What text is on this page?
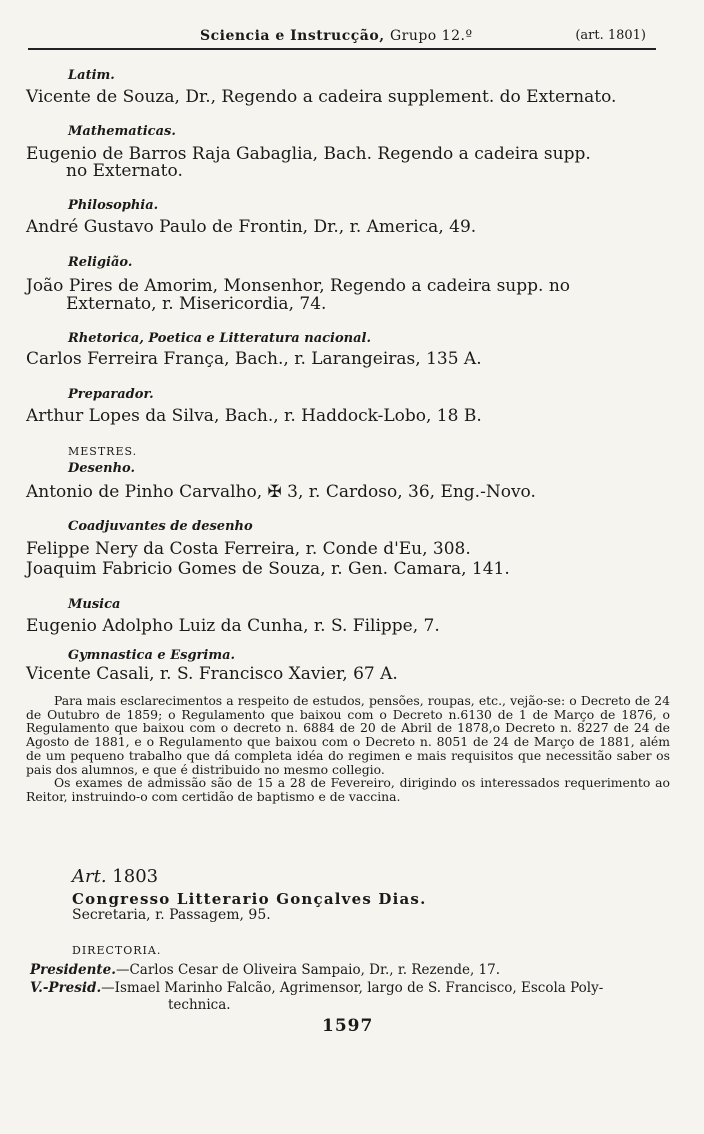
Sciencia e Instrucção, Grupo 12.º	(art. 1801)
Latim.
Vicente de Souza, Dr., Regendo a cadeira supplement. do Externato.
Mathematicas.
Eugenio de Barros Raja Gabaglia, Bach. Regendo a cadeira supp.
no Externato.
Philosophia.
André Gustavo Paulo de Frontin, Dr., r. America, 49.
Religião.
João Pires de Amorim, Monsenhor, Regendo a cadeira supp. no
Externato, r. Misericordia, 74.
Rhetorica, Poetica e Litteratura nacional.
Carlos Ferreira França, Bach., r. Larangeiras, 135 A.
Preparador.
Arthur Lopes da Silva, Bach., r. Haddock-Lobo, 18 B.
MESTRES.
Desenho.
Antonio de Pinho Carvalho, ✠ 3, r. Cardoso, 36, Eng.-Novo.
Coadjuvantes de desenho
Felippe Nery da Costa Ferreira, r. Conde d'Eu, 308.
Joaquim Fabricio Gomes de Souza, r. Gen. Camara, 141.
Musica
Eugenio Adolpho Luiz da Cunha, r. S. Filippe, 7.
Gymnastica e Esgrima.
Vicente Casali, r. S. Francisco Xavier, 67 A.

Para mais esclarecimentos a respeito de estudos, pensões, roupas, etc., vejão-se: o Decreto de 24 de Outubro de 1859; o Regulamento que baixou com o Decreto n.6130 de 1 de Março de 1876, o Regulamento que baixou com o decreto n. 6884 de 20 de Abril de 1878,o Decreto n. 8227 de 24 de Agosto de 1881, e o Regulamento que baixou com o Decreto n. 8051 de 24 de Março de 1881, além de um pequeno trabalho que dá completa idéa do regimen e mais requisitos que necessitão saber os pais dos alumnos, e que é distribuido no mesmo collegio.

Os exames de admissão são de 15 a 28 de Fevereiro, dirigindo os interessados requerimento ao Reitor, instruindo-o com certidão de baptismo e de vaccina.

Art. 1803
Congresso Litterario Gonçalves Dias.
Secretaria, r. Passagem, 95.
DIRECTORIA.
Presidente.—Carlos Cesar de Oliveira Sampaio, Dr., r. Rezende, 17.
V.-Presid.—Ismael Marinho Falcão, Agrimensor, largo de S. Francisco, Escola Poly-
technica.
1597
